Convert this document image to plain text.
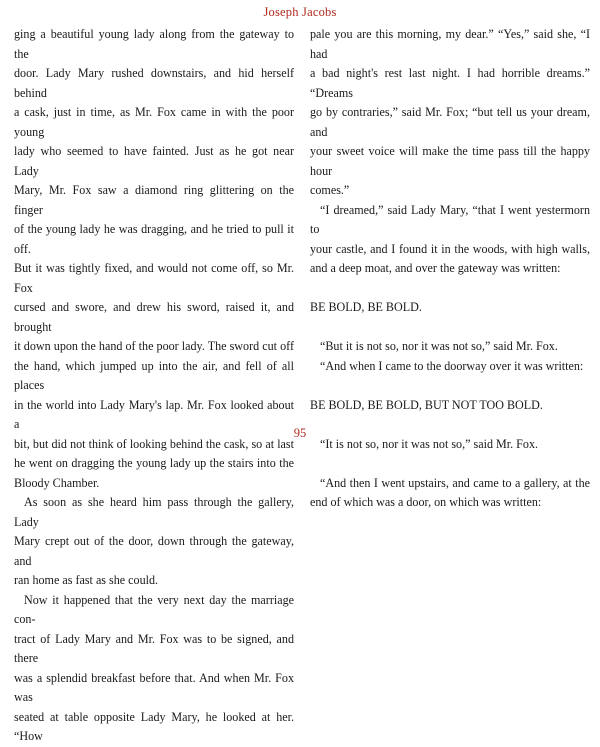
Joseph Jacobs

ging a beautiful young lady along from the gateway to the
door. Lady Mary rushed downstairs, and hid herself behind
a cask, just in time, as Mr. Fox came in with the poor young
lady who seemed to have fainted. Just as he got near Lady
Mary, Mr. Fox saw a diamond ring glittering on the finger
of the young lady he was dragging, and he tried to pull it off.
But it was tightly fixed, and would not come off, so Mr. Fox
cursed and swore, and drew his sword, raised it, and brought
it down upon the hand of the poor lady. The sword cut off
the hand, which jumped up into the air, and fell of all places
in the world into Lady Mary's lap. Mr. Fox looked about a
bit, but did not think of looking behind the cask, so at last
he went on dragging the young lady up the stairs into the
Bloody Chamber.

As soon as she heard him pass through the gallery, Lady
Mary crept out of the door, down through the gateway, and
ran home as fast as she could.

Now it happened that the very next day the marriage con-
tract of Lady Mary and Mr. Fox was to be signed, and there
was a splendid breakfast before that. And when Mr. Fox was
seated at table opposite Lady Mary, he looked at her. “How

pale you are this morning, my dear.” “Yes,” said she, “I had
a bad night's rest last night. I had horrible dreams.” “Dreams
go by contraries,” said Mr. Fox; “but tell us your dream, and
your sweet voice will make the time pass till the happy hour
comes.”

“I dreamed,” said Lady Mary, “that I went yestermorn to
your castle, and I found it in the woods, with high walls,
and a deep moat, and over the gateway was written:

BE BOLD, BE BOLD.

“But it is not so, nor it was not so,” said Mr. Fox.

“And when I came to the doorway over it was written:

BE BOLD, BE BOLD, BUT NOT TOO BOLD.

“It is not so, nor it was not so,” said Mr. Fox.

“And then I went upstairs, and came to a gallery, at the
end of which was a door, on which was written:

95
